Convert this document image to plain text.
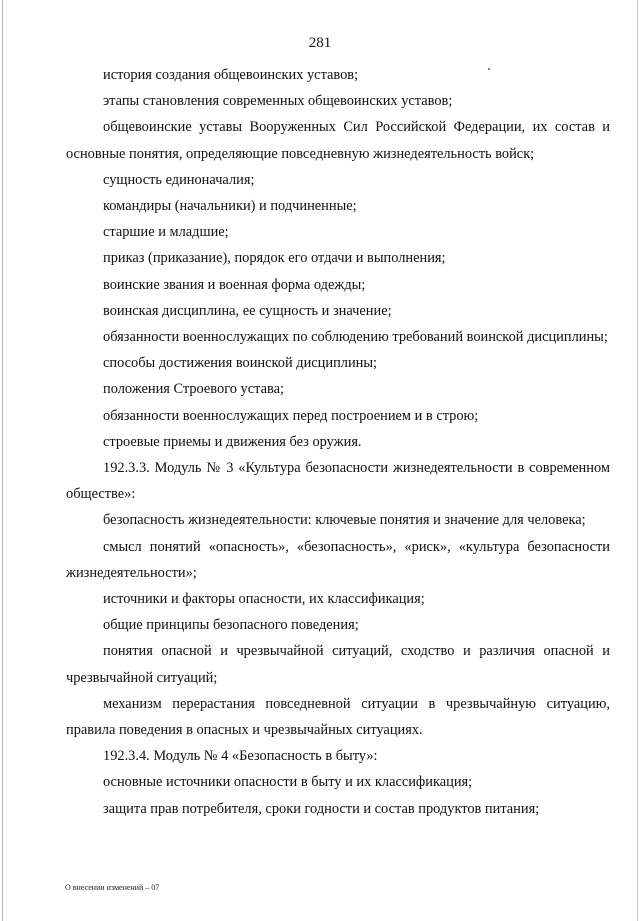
281

история создания общевоинских уставов;

этапы становления современных общевоинских уставов;

общевоинские уставы Вооруженных Сил Российской Федерации, их состав и основные понятия, определяющие повседневную жизнедеятельность войск;

сущность единоначалия;

командиры (начальники) и подчиненные;

старшие и младшие;

приказ (приказание), порядок его отдачи и выполнения;

воинские звания и военная форма одежды;

воинская дисциплина, ее сущность и значение;

обязанности военнослужащих по соблюдению требований воинской дисциплины;

способы достижения воинской дисциплины;

положения Строевого устава;

обязанности военнослужащих перед построением и в строю;

строевые приемы и движения без оружия.

192.3.3. Модуль № 3 «Культура безопасности жизнедеятельности в современном обществе»:

безопасность жизнедеятельности: ключевые понятия и значение для человека;

смысл понятий «опасность», «безопасность», «риск», «культура безопасности жизнедеятельности»;

источники и факторы опасности, их классификация;

общие принципы безопасного поведения;

понятия опасной и чрезвычайной ситуаций, сходство и различия опасной и чрезвычайной ситуаций;

механизм перерастания повседневной ситуации в чрезвычайную ситуацию, правила поведения в опасных и чрезвычайных ситуациях.

192.3.4. Модуль № 4 «Безопасность в быту»:

основные источники опасности в быту и их классификация;

защита прав потребителя, сроки годности и состав продуктов питания;

О внесении изменений – 07
